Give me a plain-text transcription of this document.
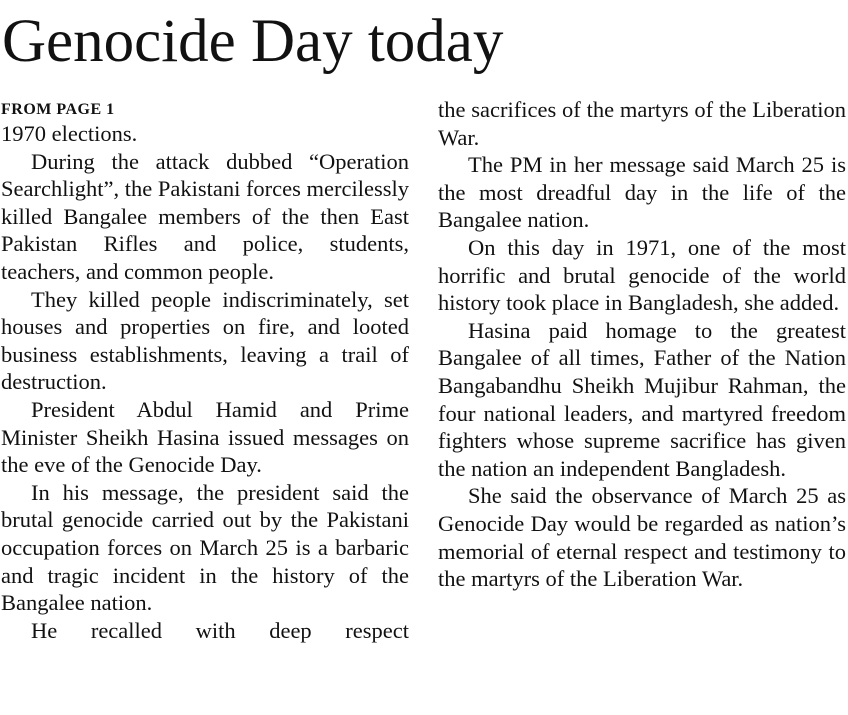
Genocide Day today
FROM PAGE 1

1970 elections.

During the attack dubbed “Operation Searchlight”, the Pakistani forces mercilessly killed Bangalee members of the then East Pakistan Rifles and police, students, teachers, and common people.

They killed people indiscriminately, set houses and properties on fire, and looted business establishments, leaving a trail of destruction.

President Abdul Hamid and Prime Minister Sheikh Hasina issued messages on the eve of the Genocide Day.

In his message, the president said the brutal genocide carried out by the Pakistani occupation forces on March 25 is a barbaric and tragic incident in the history of the Bangalee nation.

He recalled with deep respect

the sacrifices of the martyrs of the Liberation War.

The PM in her message said March 25 is the most dreadful day in the life of the Bangalee nation.

On this day in 1971, one of the most horrific and brutal genocide of the world history took place in Bangladesh, she added.

Hasina paid homage to the greatest Bangalee of all times, Father of the Nation Bangabandhu Sheikh Mujibur Rahman, the four national leaders, and martyred freedom fighters whose supreme sacrifice has given the nation an independent Bangladesh.

She said the observance of March 25 as Genocide Day would be regarded as nation’s memorial of eternal respect and testimony to the martyrs of the Liberation War.
